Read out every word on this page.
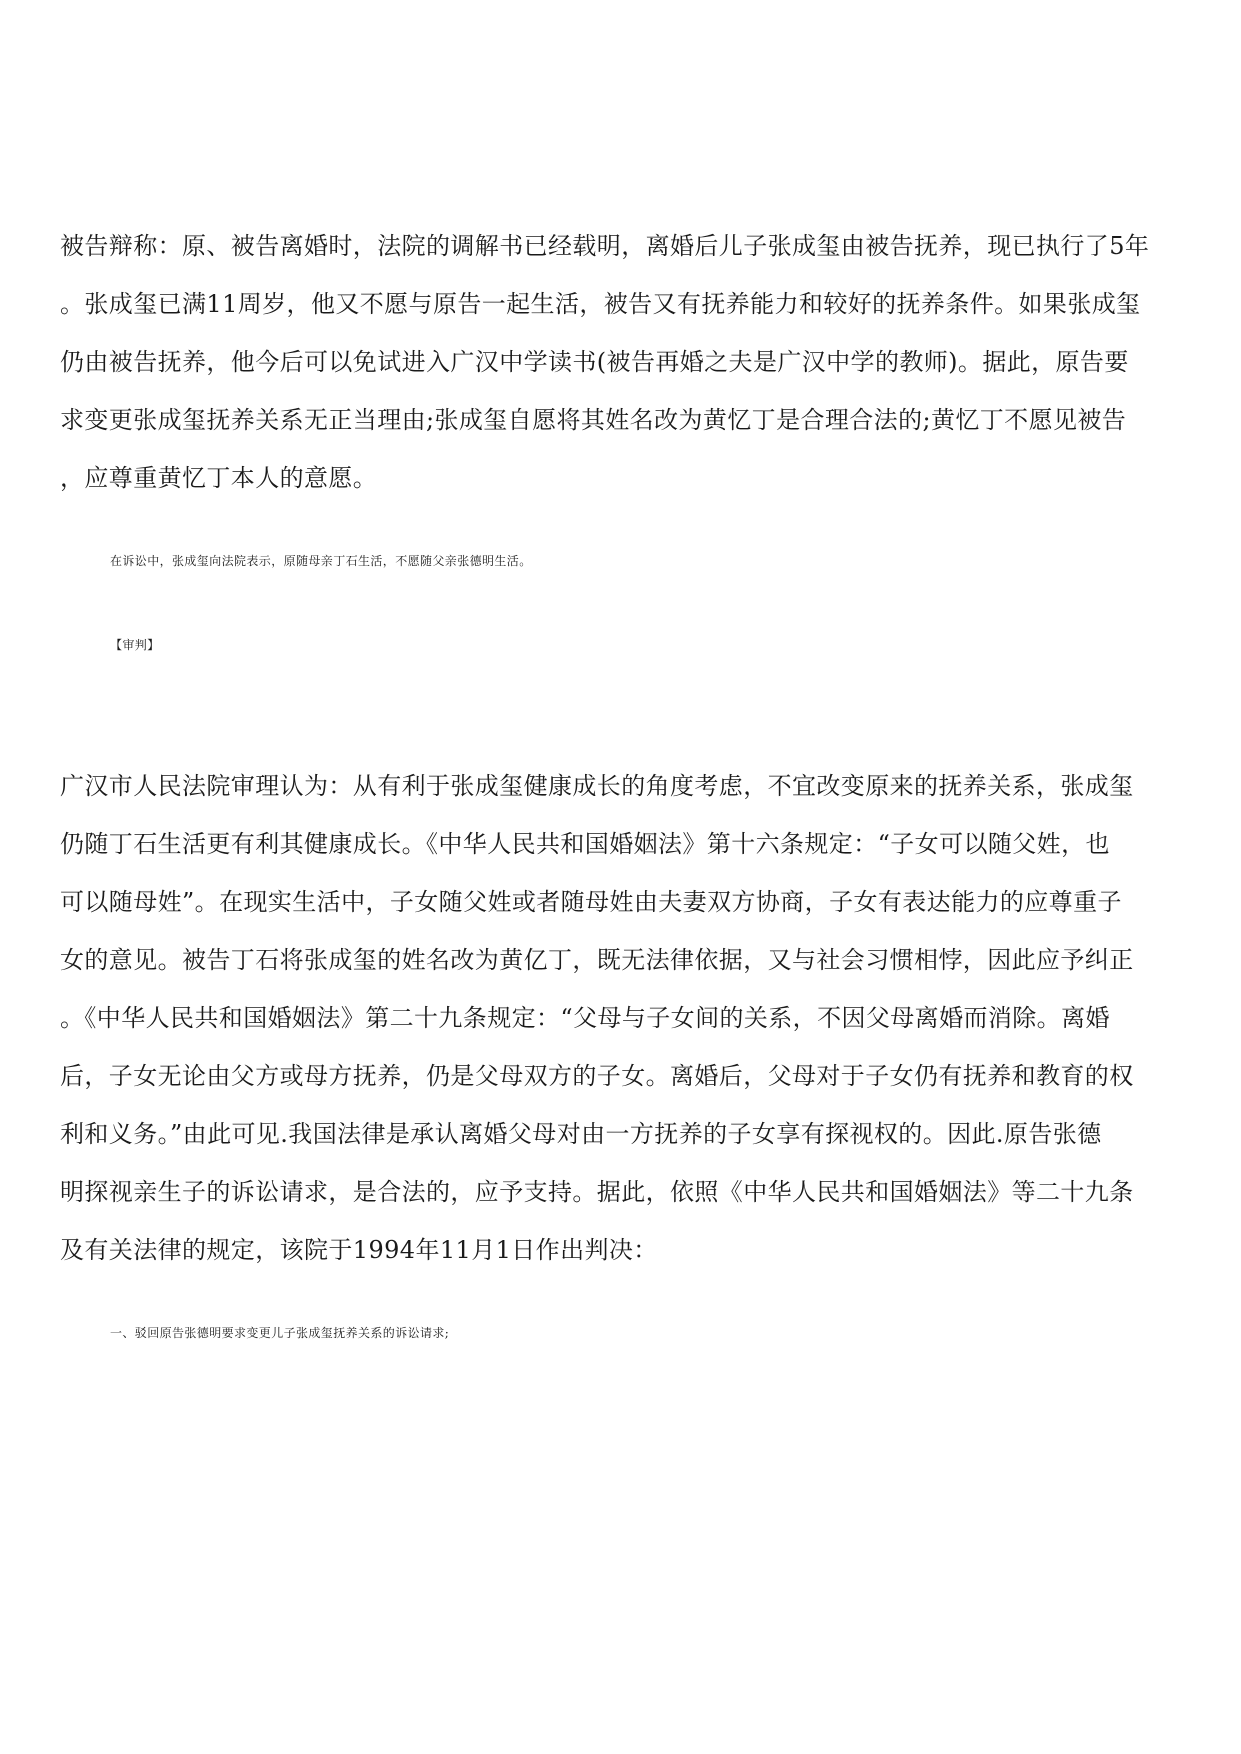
被告辩称：原、被告离婚时，法院的调解书已经载明，离婚后儿子张成玺由被告抚养，现已执行了5年
。张成玺已满11周岁，他又不愿与原告一起生活，被告又有抚养能力和较好的抚养条件。如果张成玺
仍由被告抚养，他今后可以免试进入广汉中学读书(被告再婚之夫是广汉中学的教师)。据此，原告要
求变更张成玺抚养关系无正当理由;张成玺自愿将其姓名改为黄忆丁是合理合法的;黄忆丁不愿见被告
，应尊重黄忆丁本人的意愿。
在诉讼中，张成玺向法院表示，原随母亲丁石生活，不愿随父亲张德明生活。
【审判】
广汉市人民法院审理认为：从有利于张成玺健康成长的角度考虑，不宜改变原来的抚养关系，张成玺
仍随丁石生活更有利其健康成长。《中华人民共和国婚姻法》第十六条规定：“子女可以随父姓，也
可以随母姓”。在现实生活中，子女随父姓或者随母姓由夫妻双方协商，子女有表达能力的应尊重子
女的意见。被告丁石将张成玺的姓名改为黄亿丁，既无法律依据，又与社会习惯相悖，因此应予纠正
。《中华人民共和国婚姻法》第二十九条规定：“父母与子女间的关系，不因父母离婚而消除。离婚
后，子女无论由父方或母方抚养，仍是父母双方的子女。离婚后，父母对于子女仍有抚养和教育的权
利和义务。”由此可见.我国法律是承认离婚父母对由一方抚养的子女享有探视权的。因此.原告张德
明探视亲生子的诉讼请求，是合法的，应予支持。据此，依照《中华人民共和国婚姻法》等二十九条
及有关法律的规定，该院于1994年11月1日作出判决：
一、驳回原告张德明要求变更儿子张成玺抚养关系的诉讼请求;
